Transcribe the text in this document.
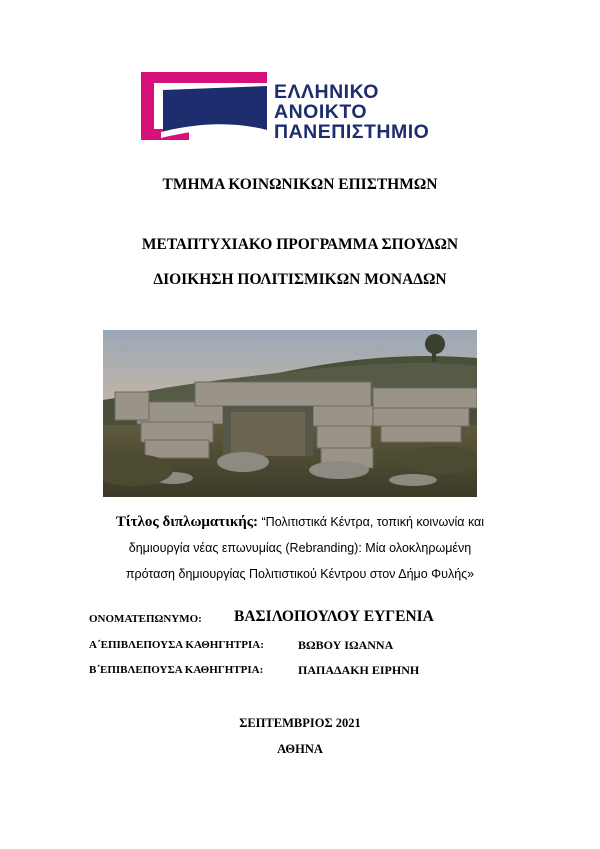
ΕΛΛΗΝΙΚΟ
ΑΝΟΙΚΤΟ
ΠΑΝΕΠΙΣΤΗΜΙΟ
ΤΜΗΜΑ ΚΟΙΝΩΝΙΚΩΝ ΕΠΙΣΤΗΜΩΝ
ΜΕΤΑΠΤΥΧΙΑΚΟ ΠΡΟΓΡΑΜΜΑ ΣΠΟΥΔΩΝ
ΔΙΟΙΚΗΣΗ ΠΟΛΙΤΙΣΜΙΚΩΝ ΜΟΝΑΔΩΝ
Τίτλος διπλωματικής: “Πολιτιστικά Κέντρα, τοπική κοινωνία και
δημιουργία νέας επωνυμίας (Rebranding): Μία ολοκληρωμένη
πρόταση δημιουργίας Πολιτιστικού Κέντρου στον Δήμο Φυλής»
ΟΝΟΜΑΤΕΠΩΝΥΜΟ: ΒΑΣΙΛΟΠΟΥΛΟΥ ΕΥΓΕΝΙΑ
Α΄ΕΠΙΒΛΕΠΟΥΣΑ ΚΑΘΗΓΗΤΡΙΑ:	ΒΩΒΟΥ ΙΩΑΝΝΑ
Β΄ΕΠΙΒΛΕΠΟΥΣΑ ΚΑΘΗΓΗΤΡΙΑ:	ΠΑΠΑΔΑΚΗ ΕΙΡΗΝΗ
ΣΕΠΤΕΜΒΡΙΟΣ 2021
ΑΘΗΝΑ
